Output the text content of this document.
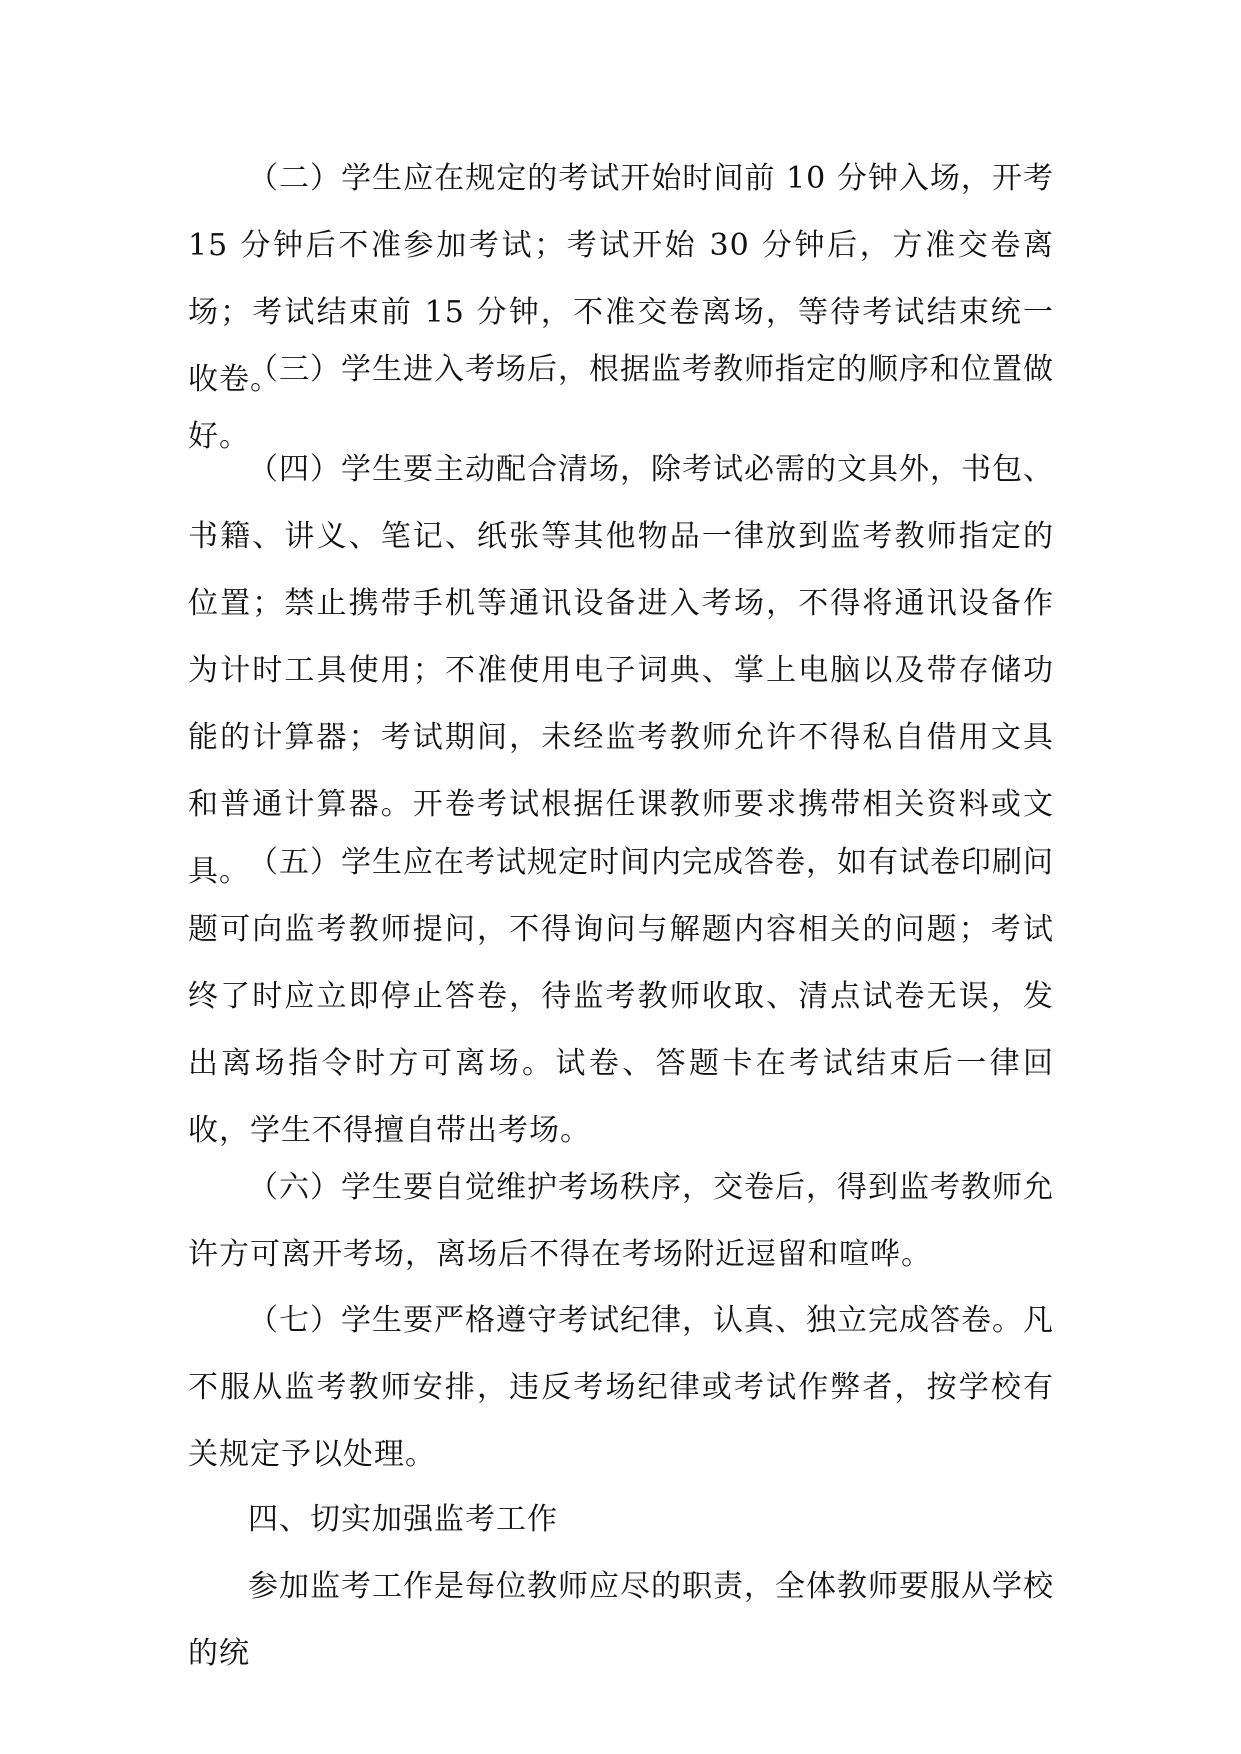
（二）学生应在规定的考试开始时间前 10 分钟入场，开考 15 分钟后不准参加考试；考试开始 30 分钟后，方准交卷离场；考试结束前 15 分钟，不准交卷离场，等待考试结束统一收卷。

（三）学生进入考场后，根据监考教师指定的顺序和位置做好。

（四）学生要主动配合清场，除考试必需的文具外，书包、书籍、讲义、笔记、纸张等其他物品一律放到监考教师指定的位置；禁止携带手机等通讯设备进入考场，不得将通讯设备作为计时工具使用；不准使用电子词典、掌上电脑以及带存储功能的计算器；考试期间，未经监考教师允许不得私自借用文具和普通计算器。开卷考试根据任课教师要求携带相关资料或文具。

（五）学生应在考试规定时间内完成答卷，如有试卷印刷问题可向监考教师提问，不得询问与解题内容相关的问题；考试终了时应立即停止答卷，待监考教师收取、清点试卷无误，发出离场指令时方可离场。试卷、答题卡在考试结束后一律回收，学生不得擅自带出考场。

（六）学生要自觉维护考场秩序，交卷后，得到监考教师允许方可离开考场，离场后不得在考场附近逗留和喧哗。

（七）学生要严格遵守考试纪律，认真、独立完成答卷。凡不服从监考教师安排，违反考场纪律或考试作弊者，按学校有关规定予以处理。

四、切实加强监考工作

参加监考工作是每位教师应尽的职责，全体教师要服从学校的统
